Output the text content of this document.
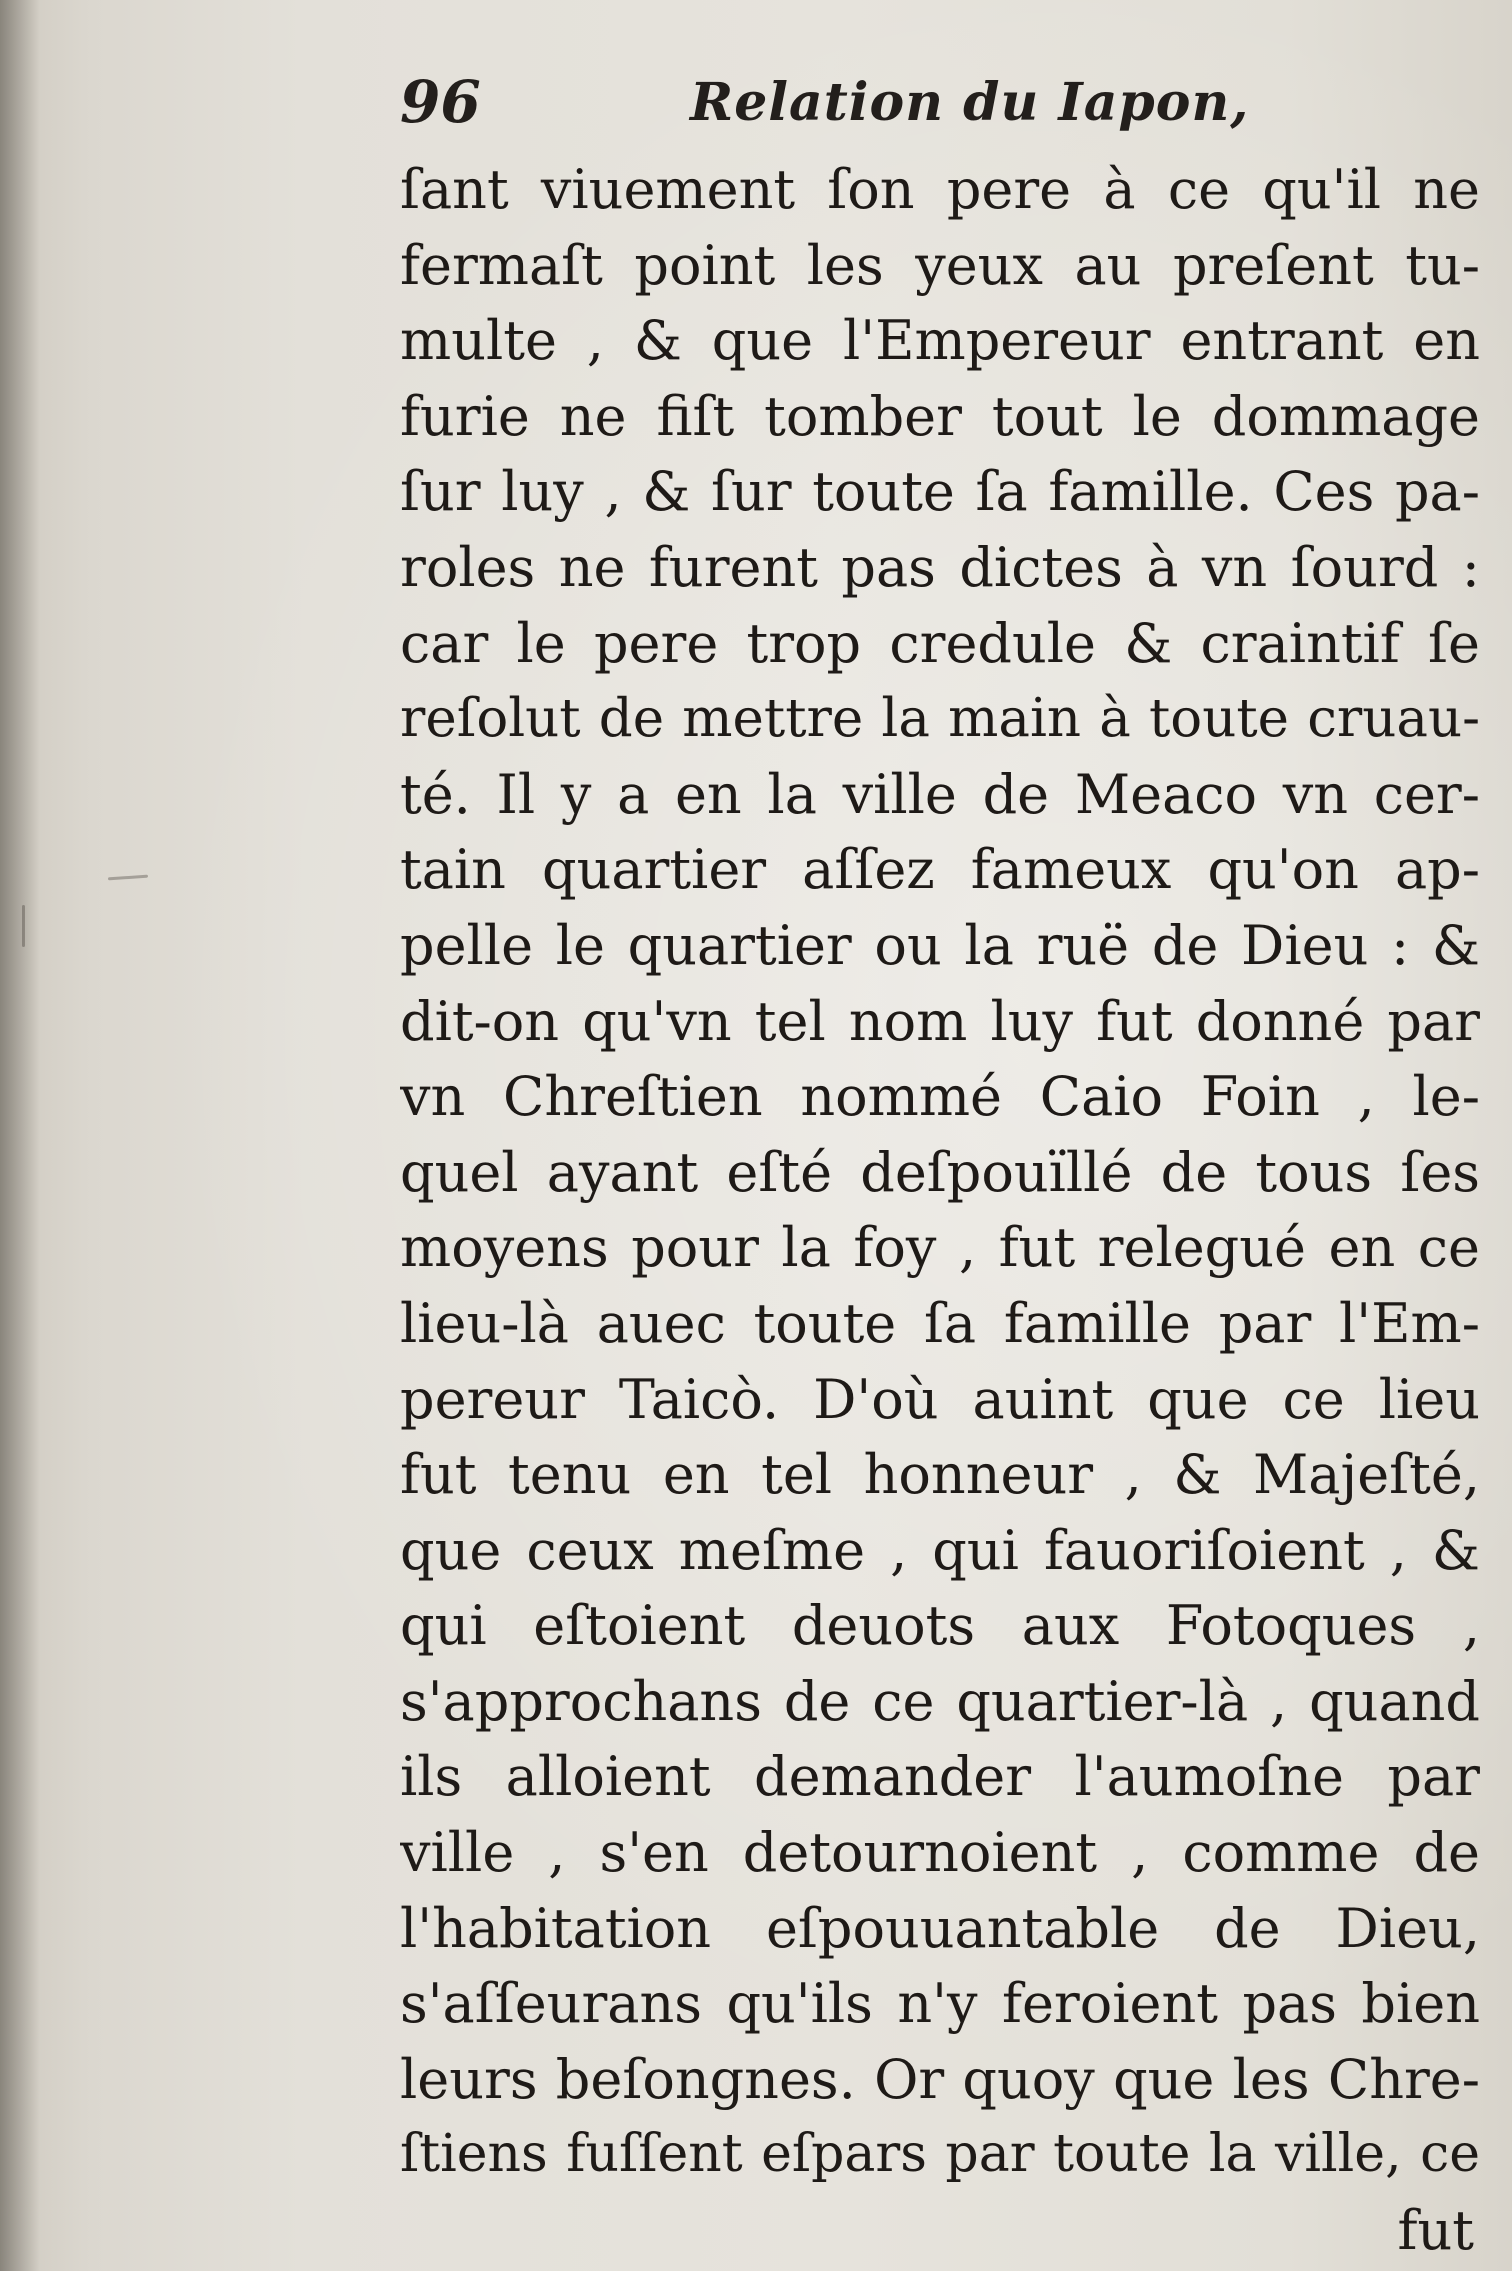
96	Relation du Iapon,
ſant viuement ſon pere à ce qu'il ne
fermaſt point les yeux au preſent tu-
multe , & que l'Empereur entrant en
furie ne fiſt tomber tout le dommage
ſur luy , & ſur toute ſa famille. Ces pa-
roles ne furent pas dictes à vn ſourd :
car le pere trop credule & craintif ſe
reſolut de mettre la main à toute cruau-
té. Il y a en la ville de Meaco vn cer-
tain quartier aſſez fameux qu'on ap-
pelle le quartier ou la ruë de Dieu : &
dit-on qu'vn tel nom luy fut donné par
vn Chreſtien nommé Caio Foin , le-
quel ayant eſté deſpouïllé de tous ſes
moyens pour la foy , fut relegué en ce
lieu-là auec toute ſa famille par l'Em-
pereur Taicò. D'où auint que ce lieu
fut tenu en tel honneur , & Majeſté,
que ceux meſme , qui fauoriſoient , &
qui eſtoient deuots aux Fotoques ,
s'approchans de ce quartier-là , quand
ils alloient demander l'aumoſne par
ville , s'en detournoient , comme de
l'habitation eſpouuantable de Dieu,
s'aſſeurans qu'ils n'y feroient pas bien
leurs beſongnes. Or quoy que les Chre-
ſtiens fuſſent eſpars par toute la ville, ce
fut
